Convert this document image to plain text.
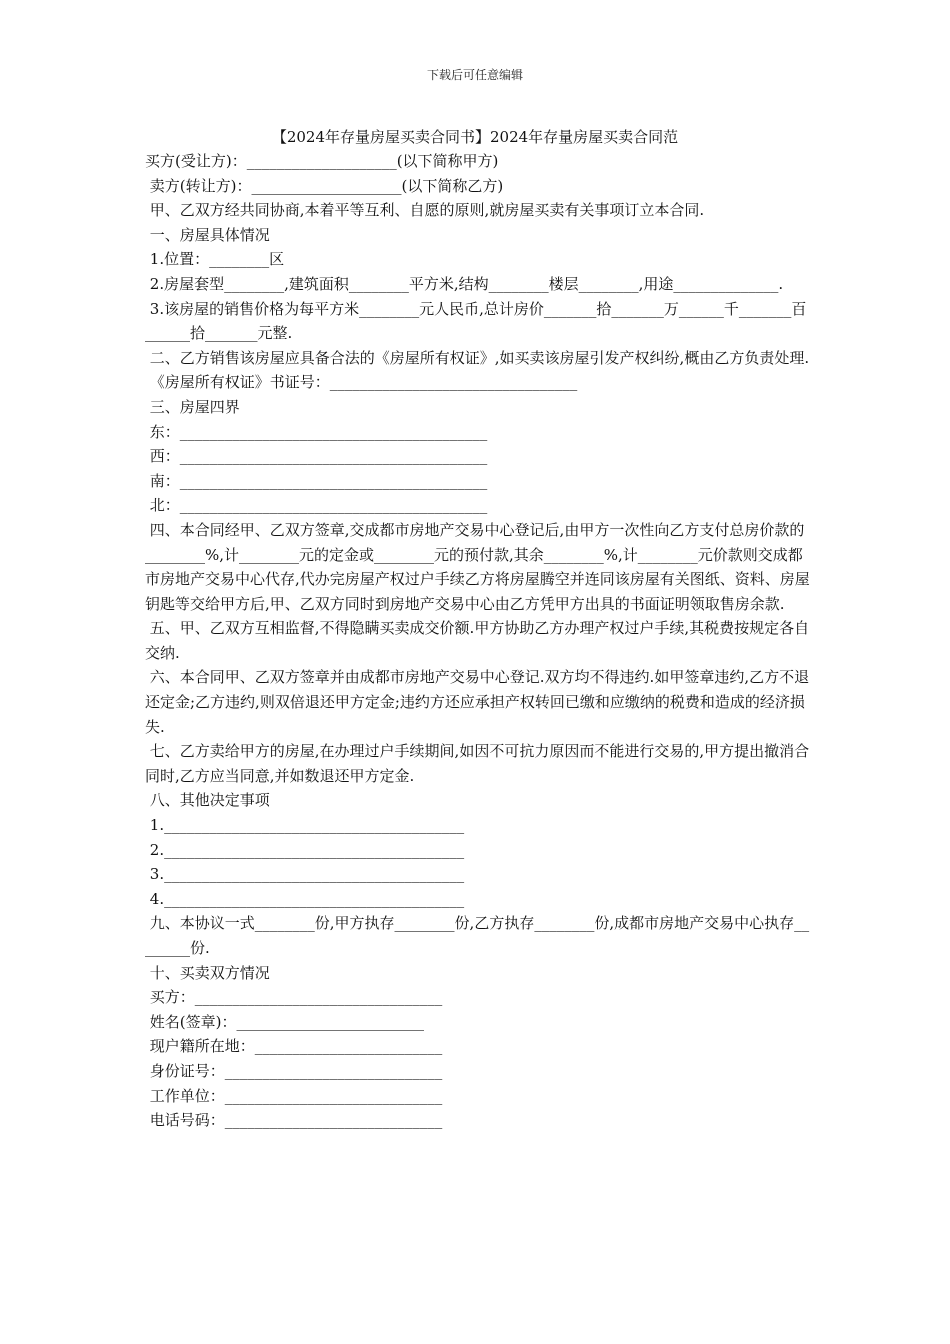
下载后可任意编辑
【2024年存量房屋买卖合同书】2024年存量房屋买卖合同范

买方(受让方)：____________________(以下简称甲方)

卖方(转让方)：____________________(以下简称乙方)

甲、乙双方经共同协商,本着平等互利、自愿的原则,就房屋买卖有关事项订立本合同.

一、房屋具体情况

1.位置：________区

2.房屋套型________,建筑面积________平方米,结构________楼层________,用途______________.

3.该房屋的销售价格为每平方米________元人民币,总计房价_______拾_______万______千_______百______拾_______元整.

二、乙方销售该房屋应具备合法的《房屋所有权证》,如买卖该房屋引发产权纠纷,概由乙方负责处理.

《房屋所有权证》书证号：_________________________________

三、房屋四界

东：_________________________________________

西：_________________________________________

南：_________________________________________

北：_________________________________________

四、本合同经甲、乙双方签章,交成都市房地产交易中心登记后,由甲方一次性向乙方支付总房价款的________%,计________元的定金或________元的预付款,其余________%,计________元价款则交成都市房地产交易中心代存,代办完房屋产权过户手续乙方将房屋腾空并连同该房屋有关图纸、资料、房屋钥匙等交给甲方后,甲、乙双方同时到房地产交易中心由乙方凭甲方出具的书面证明领取售房余款.

五、甲、乙双方互相监督,不得隐瞒买卖成交价额.甲方协助乙方办理产权过户手续,其税费按规定各自交纳.

六、本合同甲、乙双方签章并由成都市房地产交易中心登记.双方均不得违约.如甲签章违约,乙方不退还定金;乙方违约,则双倍退还甲方定金;违约方还应承担产权转回已缴和应缴纳的税费和造成的经济损失.

七、乙方卖给甲方的房屋,在办理过户手续期间,如因不可抗力原因而不能进行交易的,甲方提出撤消合同时,乙方应当同意,并如数退还甲方定金.

八、其他决定事项

1.________________________________________

2.________________________________________

3.________________________________________

4.________________________________________

九、本协议一式________份,甲方执存________份,乙方执存________份,成都市房地产交易中心执存________份.

十、买卖双方情况

买方：_________________________________

姓名(签章)：_________________________

现户籍所在地：_________________________

身份证号：_____________________________

工作单位：_____________________________

电话号码：_____________________________
